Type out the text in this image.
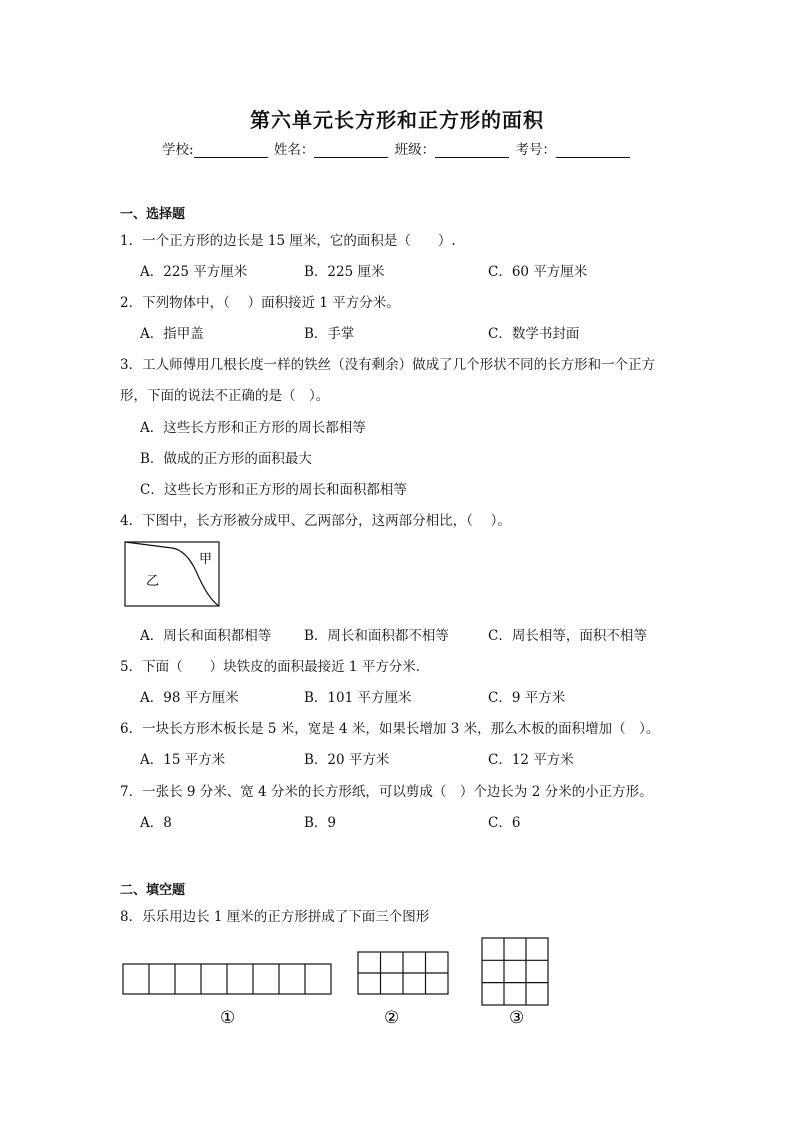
第六单元长方形和正方形的面积
学校:	姓名：	班级：	考号：
一、选择题
1．一个正方形的边长是 15 厘米，它的面积是（　　）.
A．225 平方厘米	B．225 厘米	C．60 平方厘米
2．下列物体中，（　 ）面积接近 1 平方分米。
A．指甲盖	B．手掌	C．数学书封面
3．工人师傅用几根长度一样的铁丝（没有剩余）做成了几个形状不同的长方形和一个正方
形，下面的说法不正确的是（　）。
A．这些长方形和正方形的周长都相等
B．做成的正方形的面积最大
C．这些长方形和正方形的周长和面积都相等
4．下图中，长方形被分成甲、乙两部分，这两部分相比，（　 ）。
甲
乙
A．周长和面积都相等 B．周长和面积都不相等	C．周长相等，面积不相等
5．下面（　　）块铁皮的面积最接近 1 平方分米．
A．98 平方厘米	B．101 平方厘米	C．9 平方米
6．一块长方形木板长是 5 米，宽是 4 米，如果长增加 3 米，那么木板的面积增加（　）。
A．15 平方米	B．20 平方米	C．12 平方米
7．一张长 9 分米、宽 4 分米的长方形纸，可以剪成（　）个边长为 2 分米的小正方形。
A．8	B．9	C．6
二、填空题
8．乐乐用边长 1 厘米的正方形拼成了下面三个图形
①	②	③
